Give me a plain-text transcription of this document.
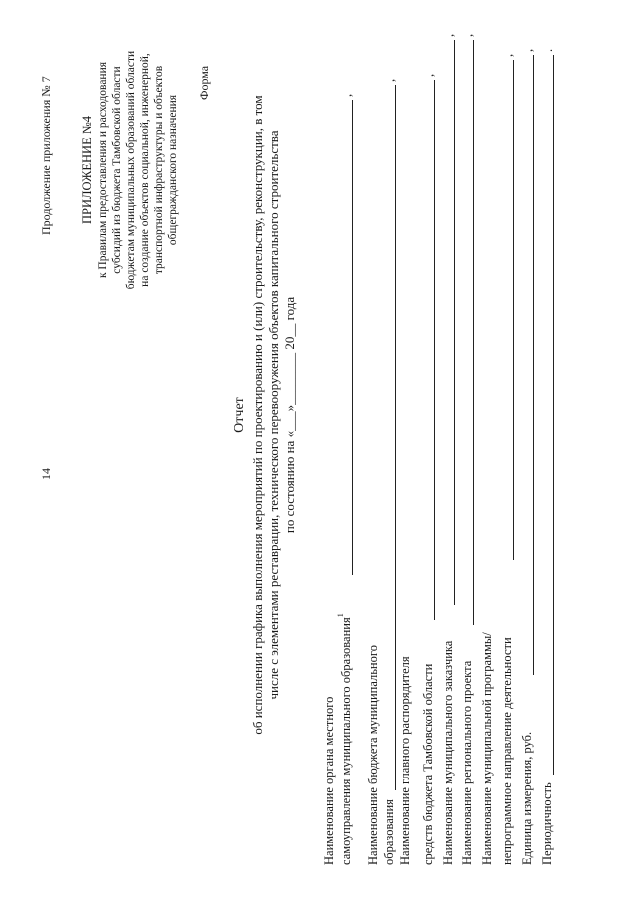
14
Продолжение приложения № 7 ПРИЛОЖЕНИЕ №4 к Правилам предоставления и расходования субсидий из бюджета Тамбовской области бюджетам муниципальных образований области на создание объектов социальной, инженерной, транспортной инфраструктуры и объектов общегражданского назначения
Форма
Отчет об исполнении графика выполнения мероприятий по проектированию и (или) строительству, реконструкции, в том числе с элементами реставрации, технического перевооружения объектов капитального строительства по состоянию на «___»________ 20__ года
Наименование органа местного самоуправления муниципального образования$^1$
,
Наименование бюджета муниципального образования
,
Наименование главного распорядителя средств бюджета Тамбовской области
,
Наименование муниципального заказчика
,
Наименование регионального проекта
,
Наименование муниципальной программы/ непрограммное направление деятельности
,
Единица измерения, руб.
,
Периодичность
.
